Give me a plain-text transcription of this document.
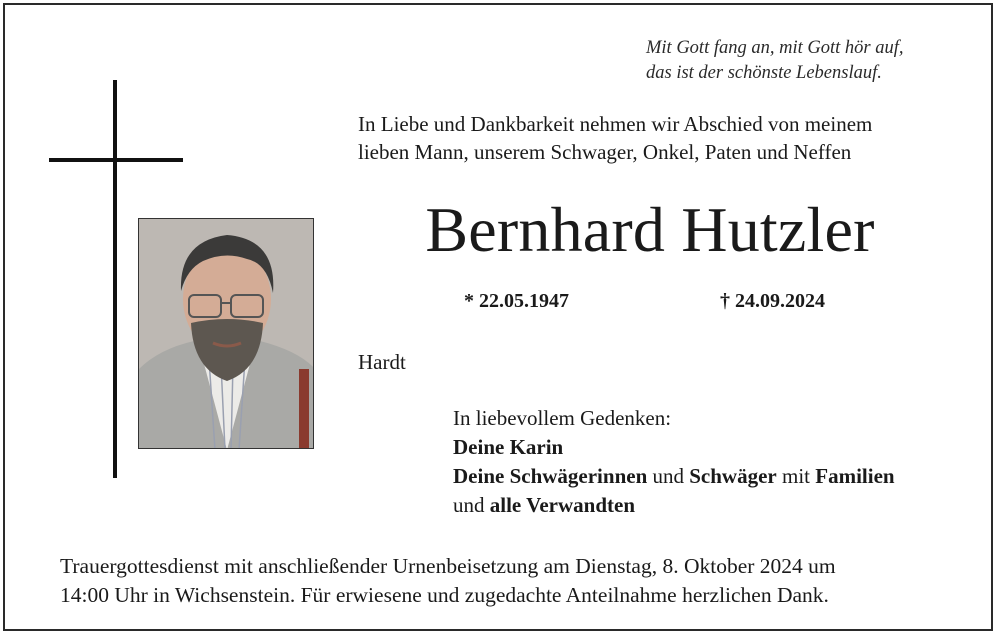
Mit Gott fang an, mit Gott hör auf,
das ist der schönste Lebenslauf.
In Liebe und Dankbarkeit nehmen wir Abschied von meinem
lieben Mann, unserem Schwager, Onkel, Paten und Neffen
Bernhard Hutzler
* 22.05.1947	† 24.09.2024
Hardt
In liebevollem Gedenken:
Deine Karin
Deine Schwägerinnen und Schwäger mit Familien
und alle Verwandten
Trauergottesdienst mit anschließender Urnenbeisetzung am Dienstag, 8. Oktober 2024 um
14:00 Uhr in Wichsenstein. Für erwiesene und zugedachte Anteilnahme herzlichen Dank.
